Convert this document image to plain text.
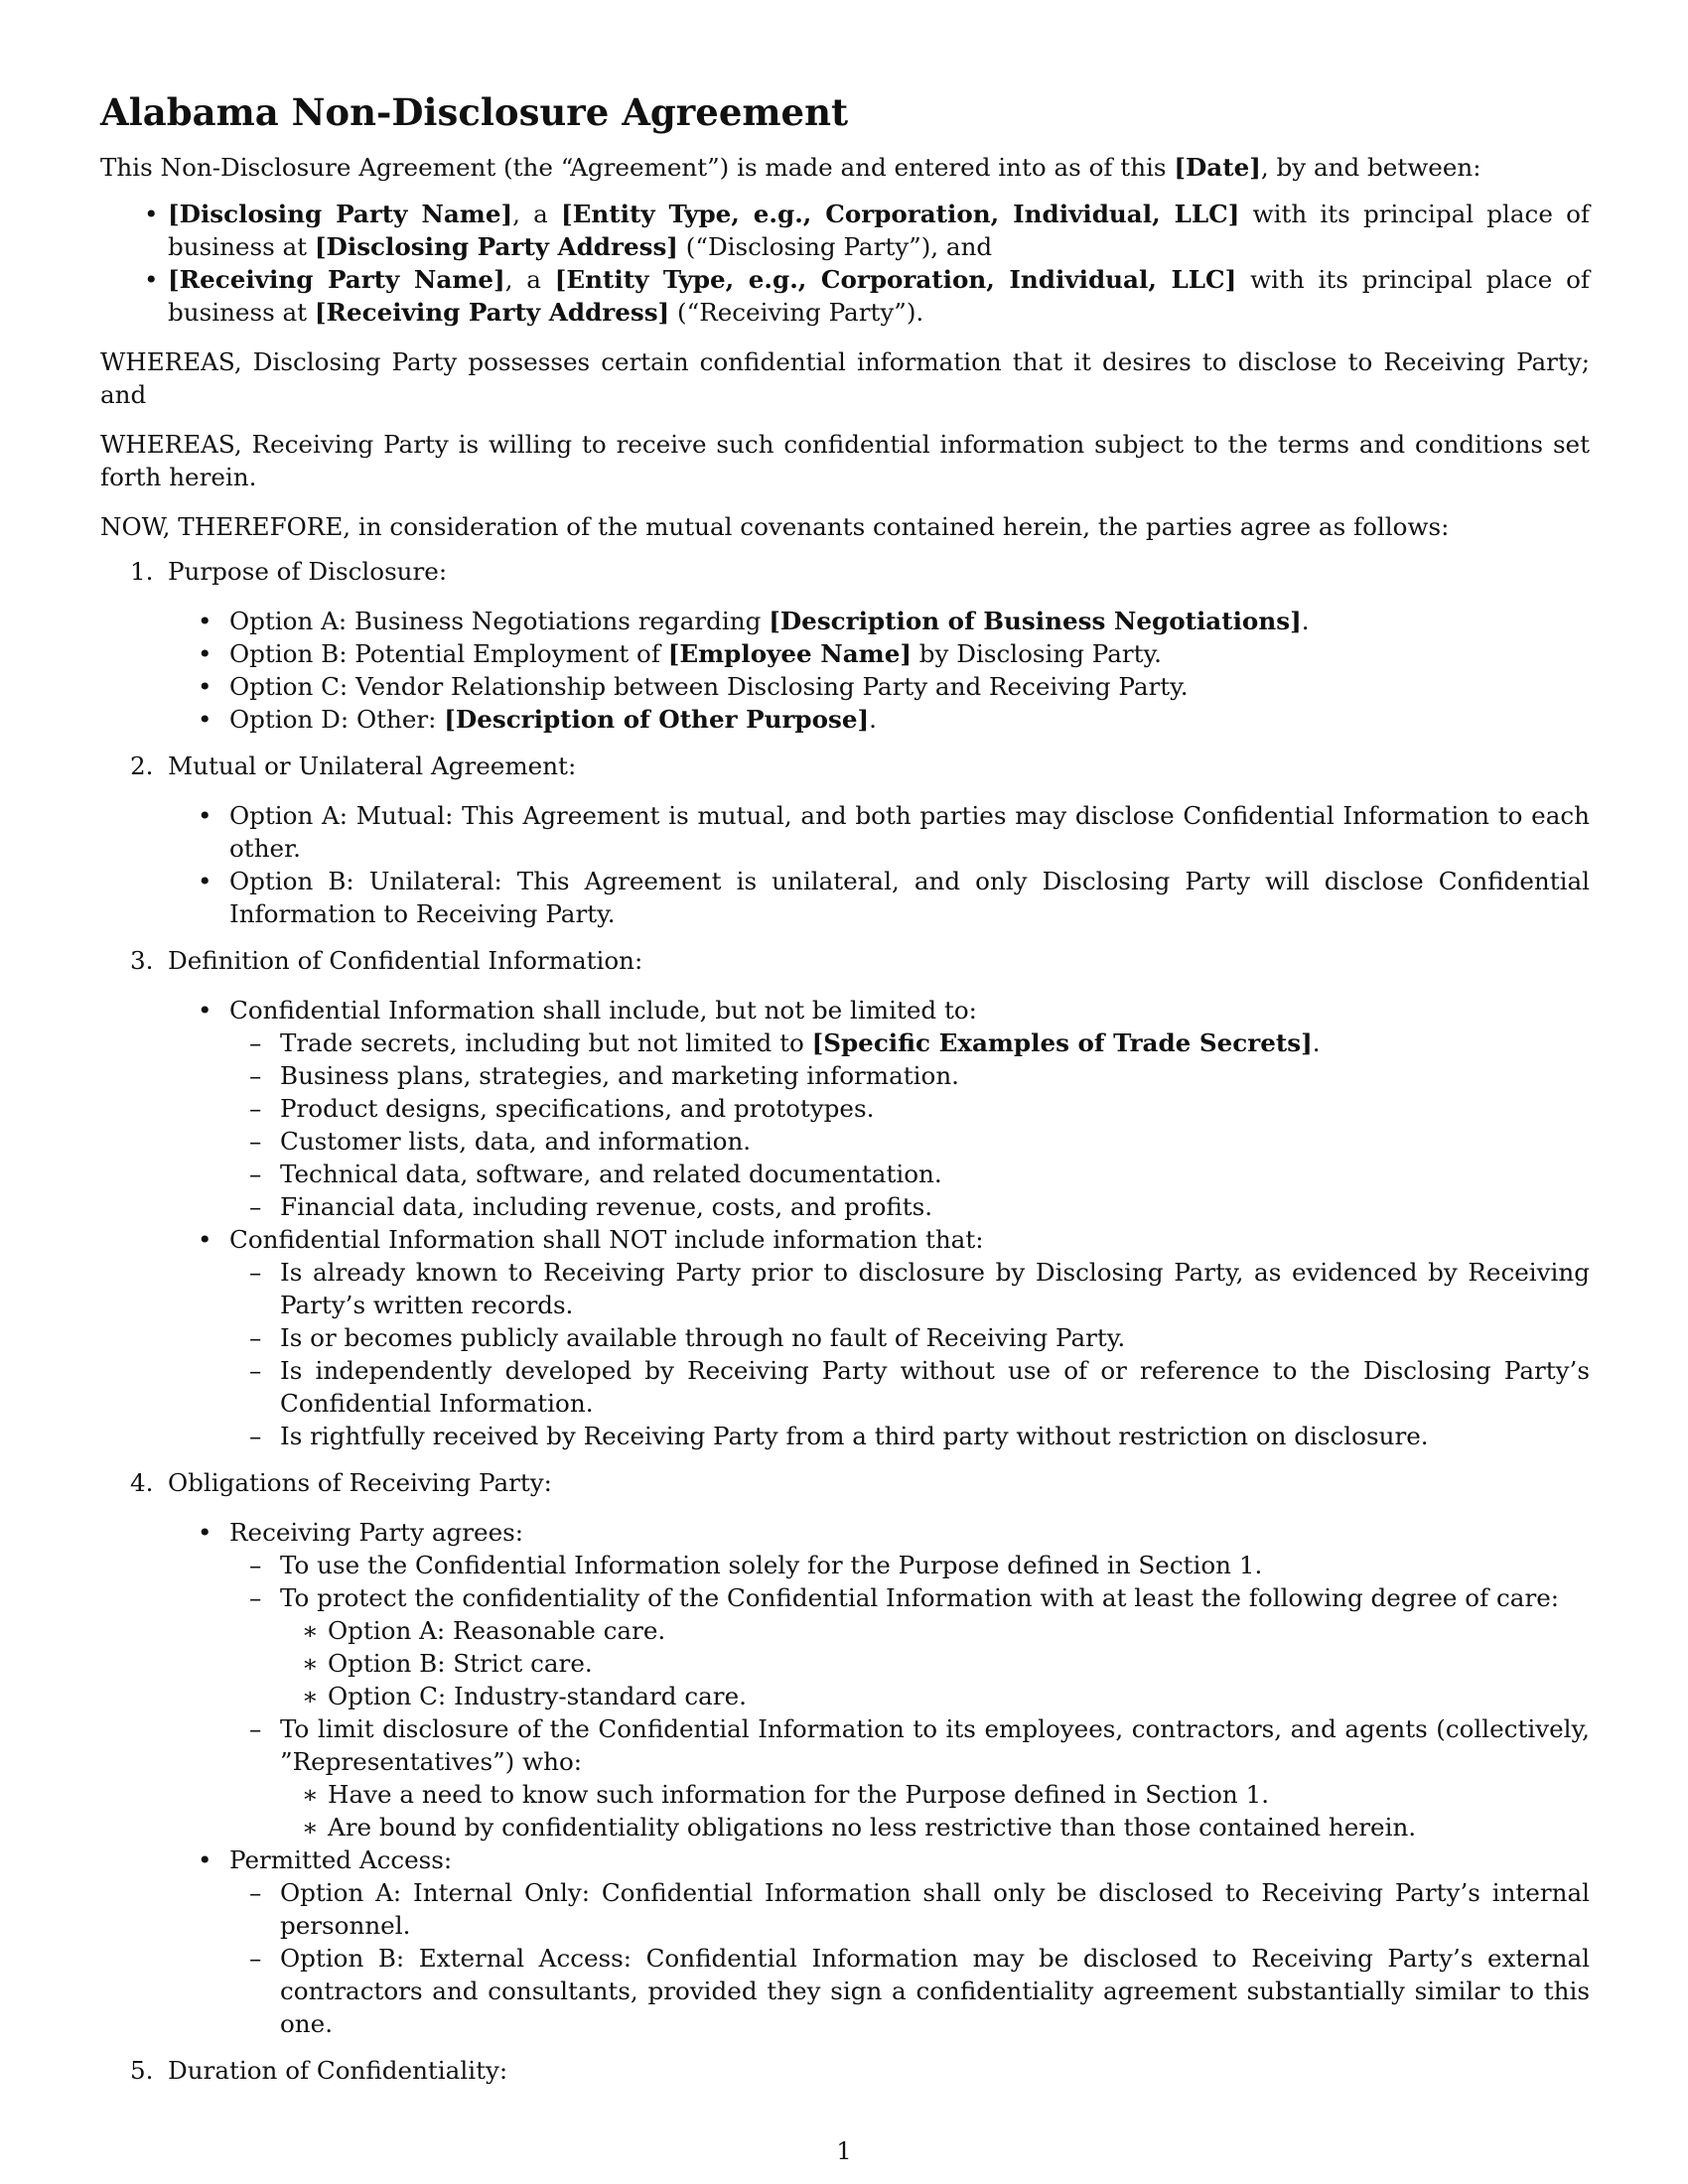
Alabama Non-Disclosure Agreement

This Non-Disclosure Agreement (the “Agreement”) is made and entered into as of this [Date], by and between:

• [Disclosing Party Name], a [Entity Type, e.g., Corporation, Individual, LLC] with its principal place of business at [Disclosing Party Address] (“Disclosing Party”), and
• [Receiving Party Name], a [Entity Type, e.g., Corporation, Individual, LLC] with its principal place of business at [Receiving Party Address] (“Receiving Party”).

WHEREAS, Disclosing Party possesses certain confidential information that it desires to disclose to Receiving Party; and

WHEREAS, Receiving Party is willing to receive such confidential information subject to the terms and conditions set forth herein.

NOW, THEREFORE, in consideration of the mutual covenants contained herein, the parties agree as follows:

1. Purpose of Disclosure:
• Option A: Business Negotiations regarding [Description of Business Negotiations].
• Option B: Potential Employment of [Employee Name] by Disclosing Party.
• Option C: Vendor Relationship between Disclosing Party and Receiving Party.
• Option D: Other: [Description of Other Purpose].
2. Mutual or Unilateral Agreement:
• Option A: Mutual: This Agreement is mutual, and both parties may disclose Confidential Information to each other.
• Option B: Unilateral: This Agreement is unilateral, and only Disclosing Party will disclose Confidential Information to Receiving Party.
3. Definition of Confidential Information:
• Confidential Information shall include, but not be limited to:
– Trade secrets, including but not limited to [Specific Examples of Trade Secrets].
– Business plans, strategies, and marketing information.
– Product designs, specifications, and prototypes.
– Customer lists, data, and information.
– Technical data, software, and related documentation.
– Financial data, including revenue, costs, and profits.
• Confidential Information shall NOT include information that:
– Is already known to Receiving Party prior to disclosure by Disclosing Party, as evidenced by Receiving Party’s written records.
– Is or becomes publicly available through no fault of Receiving Party.
– Is independently developed by Receiving Party without use of or reference to the Disclosing Party’s Confidential Information.
– Is rightfully received by Receiving Party from a third party without restriction on disclosure.
4. Obligations of Receiving Party:
• Receiving Party agrees:
– To use the Confidential Information solely for the Purpose defined in Section 1.
– To protect the confidentiality of the Confidential Information with at least the following degree of care:
∗ Option A: Reasonable care.
∗ Option B: Strict care.
∗ Option C: Industry-standard care.
– To limit disclosure of the Confidential Information to its employees, contractors, and agents (collectively, ”Representatives”) who:
∗ Have a need to know such information for the Purpose defined in Section 1.
∗ Are bound by confidentiality obligations no less restrictive than those contained herein.
• Permitted Access:
– Option A: Internal Only: Confidential Information shall only be disclosed to Receiving Party’s internal personnel.
– Option B: External Access: Confidential Information may be disclosed to Receiving Party’s external contractors and consultants, provided they sign a confidentiality agreement substantially similar to this one.
5. Duration of Confidentiality:
1
